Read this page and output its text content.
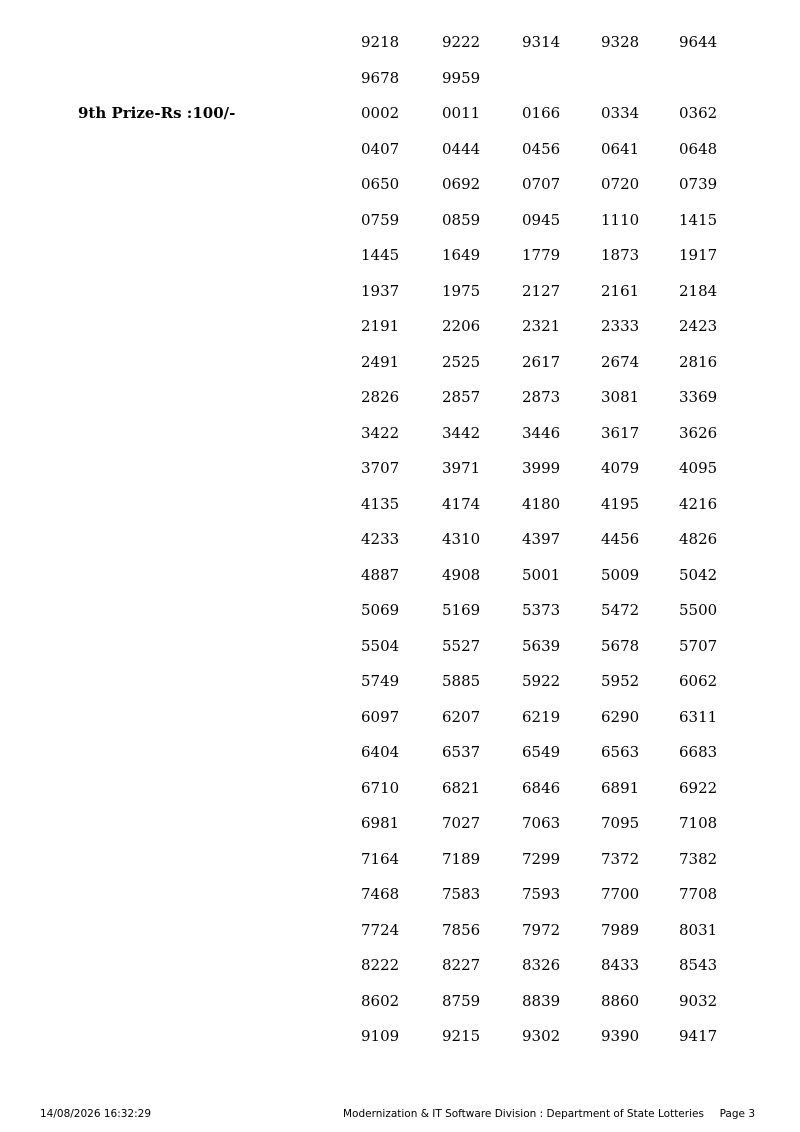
9218	9222	9314	9328	9644
9678	9959
9th Prize-Rs :100/-	0002	0011	0166	0334	0362
0407	0444	0456	0641	0648
0650	0692	0707	0720	0739
0759	0859	0945	1110	1415
1445	1649	1779	1873	1917
1937	1975	2127	2161	2184
2191	2206	2321	2333	2423
2491	2525	2617	2674	2816
2826	2857	2873	3081	3369
3422	3442	3446	3617	3626
3707	3971	3999	4079	4095
4135	4174	4180	4195	4216
4233	4310	4397	4456	4826
4887	4908	5001	5009	5042
5069	5169	5373	5472	5500
5504	5527	5639	5678	5707
5749	5885	5922	5952	6062
6097	6207	6219	6290	6311
6404	6537	6549	6563	6683
6710	6821	6846	6891	6922
6981	7027	7063	7095	7108
7164	7189	7299	7372	7382
7468	7583	7593	7700	7708
7724	7856	7972	7989	8031
8222	8227	8326	8433	8543
8602	8759	8839	8860	9032
9109	9215	9302	9390	9417
14/08/2026 16:32:29	Modernization & IT Software Division : Department of State Lotteries Page 3
